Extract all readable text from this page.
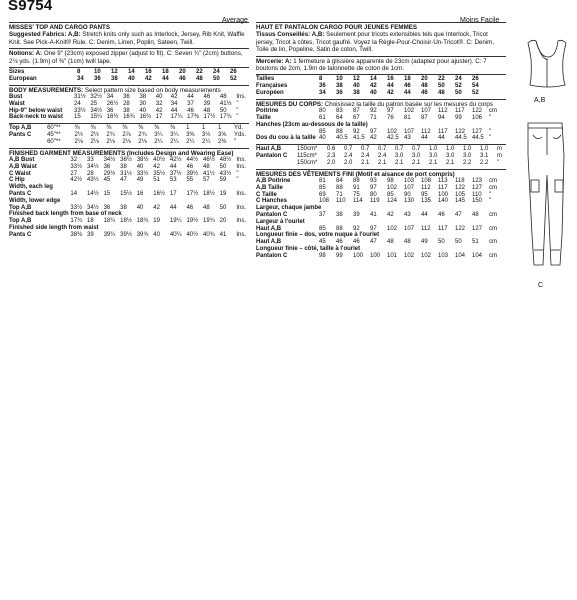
S9754
Average	Moins Facile
MISSES' TOP AND CARGO PANTS

Suggested Fabrics: A,B: Stretch knits only such as Interlock, Jersey, Rib Knit, Waffle Knit. See Pick-A-Knit® Rule. C: Denim, Linen, Poplin, Sateen, Twill.

Notions: A: One 9" (23cm) exposed zipper (adjust to fit). C: Seven ¾" (2cm) buttons, 2⅛ yds. (1.9m) of ⅜" (1cm) twill tape.

Sizes	8	10	12	14	16	18	20	22	24	26
European	34	36	38	40	42	44	46	48	50	52
BODY MEASUREMENTS: Select pattern size based on body measurements
Bust	31½	32½	34	36	38	40	42	44	46	48	Ins.
Waist	24	25	26½	28	30	32	34	37	39	41½	"
Hip-9" below waist	33½	34½	36	38	40	42	44	46	48	50	"
Back-neck to waist	15	15¼	16½	16¾	16¾	17	17¼	17⅜	17½	17¾	"
Top A,B	60"**	⅜	⅜	⅜	⅜	⅜	⅜	⅜	1	1	1	Yd.
Pants C	45"**	2½	2½	2¾	2⅞	2¾	3¼	3¼	3⅜	3½	3⅝	Yds.
	60"**	2⅛	2⅛	2⅛	2⅛	2⅛	2¼	2¼	2¼	2¼	2⅜	"
FINISHED GARMENT MEASUREMENTS (Includes Design and Wearing Ease)
A,B Bust	32	33	34½	36½	38½	40½	42½	44½	46½	48½	Ins.
A,B Waist	33½	34½	36	38	40	42	44	46	48	50	Ins.
C Waist	27	28	29½	31½	33½	35½	37½	39½	41½	43½	"
C Hip	42½	43½	45	47	49	51	53	55	57	59	"
Width, each leg											
Pants C	14	14½	15	15½	16	16½	17	17½	18½	19	Ins.
Width, lower edge											
Top A,B	33½	34½	36	38	40	42	44	46	48	50	Ins.
Finished back length from base of neck											
Top A,B	17¾	18	18¼	18½	18¾	19	19¼	19½	19¾	20	Ins.
Finished side length from waist											
Pants C	38⅜	39	39¼	39½	39¾	40	40¼	40½	40¾	41	Ins.
HAUT ET PANTALON CARGO POUR JEUNES FEMMES

Tissus Conseillés: A,B: Seulement pour tricots extensibles tels que Interlock, Tricot jersey, Tricot à côtes, Tricot gaufré. Voyez la Règle-Pour-Choisir-Un-Tricot®. C: Denim, Toile de lin, Popeline, Satin de coton, Twill.

Mercerie: A: 1 fermeture à glissière apparente de 23cm (adaptez pour ajuster). C: 7 boutons de 2cm, 1.9m de talonnette de coton de 1cm.

Tailles	8	10	12	14	16	18	20	22	24	26
Françaises	36	38	40	42	44	46	48	50	52	54
Européen	34	36	38	40	42	44	46	48	50	52
MESURES DU CORPS: Choisissez la taille du patron basée sur les mesures du corps
Poitrine	80	83	87	92	97	102	107	112	117	122	cm
Taille	61	64	67	71	76	81	87	94	99	106	"
Hanches (23cm au-dessous de la taille)											
	85	88	92	97	102	107	112	117	122	127	"
Dos du cou à la taille	40	40.5	41.5	42	42.5	43	44	44	44.5	44.5	"
Haut A,B	150cm*	0.6	0.7	0.7	0.7	0.7	0.7	1.0	1.0	1.0	1.0	m
Pantalon C	115cm*	2.3	2.4	2.4	2.4	3.0	3.0	3.0	3.0	3.0	3.1	m
	150cm*	2.0	2.0	2.1	2.1	2.1	2.1	2.1	2.1	2.2	2.2	"
MESURES DES VÊTEMENTS FINI (Motif et aisance de port compris)
A,B Poitrine	81	84	88	93	98	103	108	113	118	123	cm
A,B Taille	85	88	91	97	102	107	112	117	122	127	cm
C Taille	69	71	75	80	85	90	95	100	105	110	"
C Hanches	108	110	114	119	124	130	135	140	145	150	"
Largeur, chaque jambe											
Pantalon C	37	38	39	41	42	43	44	46	47	48	cm
Largeur à l'ourlet											
Haut A,B	85	88	92	97	102	107	112	117	122	127	cm
Longueur finie – dos, votre nuque à l'ourlet											
Haut A,B	45	46	46	47	48	48	49	50	50	51	cm
Longueur finie – côté, taille à l'ourlet											
Pantalon C	98	99	100	100	101	102	102	103	104	104	cm
A,B
C
